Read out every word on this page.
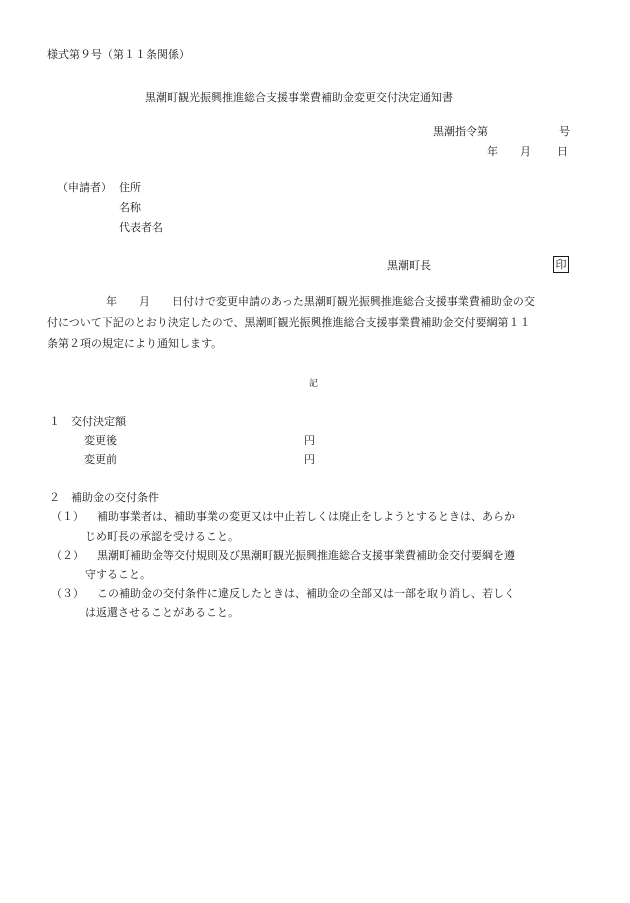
様式第９号（第１１条関係）
黒潮町観光振興推進総合支援事業費補助金変更交付決定通知書
黒潮指令第	号
年 月 日
（申請者） 住所
名称
代表者名
黒潮町長	印
　年　　月　　日付けで変更申請のあった黒潮町観光振興推進総合支援事業費補助金の交
付について下記のとおり決定したので、黒潮町観光振興推進総合支援事業費補助金交付要綱第１１
条第２項の規定により通知します。
記
１　交付決定額
変更後	円
変更前	円
２　補助金の交付条件
（１） 補助事業者は、補助事業の変更又は中止若しくは廃止をしようとするときは、あらか
じめ町長の承認を受けること。
（２） 黒潮町補助金等交付規則及び黒潮町観光振興推進総合支援事業費補助金交付要綱を遵
守すること。
（３） この補助金の交付条件に違反したときは、補助金の全部又は一部を取り消し、若しく
は返還させることがあること。
